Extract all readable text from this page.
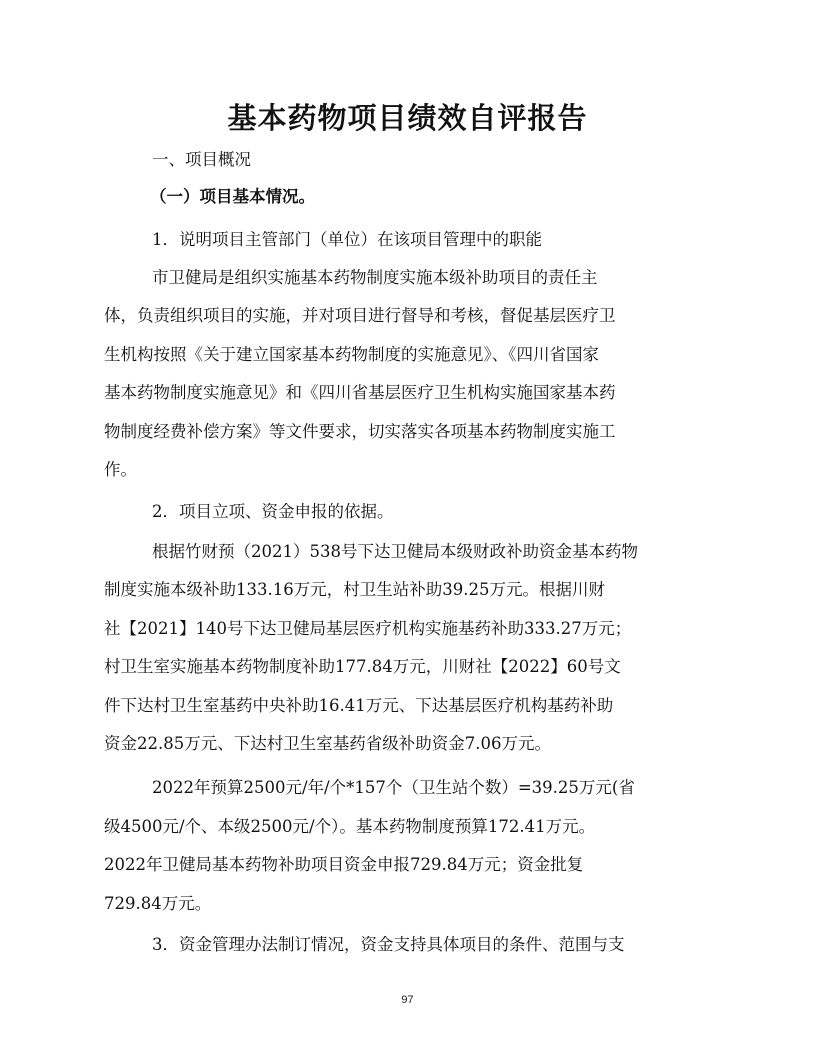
基本药物项目绩效自评报告
一、项目概况
（一）项目基本情况。
1．说明项目主管部门（单位）在该项目管理中的职能
市卫健局是组织实施基本药物制度实施本级补助项目的责任主
体，负责组织项目的实施，并对项目进行督导和考核，督促基层医疗卫
生机构按照《关于建立国家基本药物制度的实施意见》、《四川省国家
基本药物制度实施意见》和《四川省基层医疗卫生机构实施国家基本药
物制度经费补偿方案》等文件要求，切实落实各项基本药物制度实施工
作。
2．项目立项、资金申报的依据。
根据竹财预（2021）538号下达卫健局本级财政补助资金基本药物
制度实施本级补助133.16万元，村卫生站补助39.25万元。根据川财
社【2021】140号下达卫健局基层医疗机构实施基药补助333.27万元；
村卫生室实施基本药物制度补助177.84万元，川财社【2022】60号文
件下达村卫生室基药中央补助16.41万元、下达基层医疗机构基药补助
资金22.85万元、下达村卫生室基药省级补助资金7.06万元。
2022年预算2500元/年/个*157个（卫生站个数）=39.25万元(省
级4500元/个、本级2500元/个）。基本药物制度预算172.41万元。
2022年卫健局基本药物补助项目资金申报729.84万元；资金批复
729.84万元。
3．资金管理办法制订情况，资金支持具体项目的条件、范围与支
97
